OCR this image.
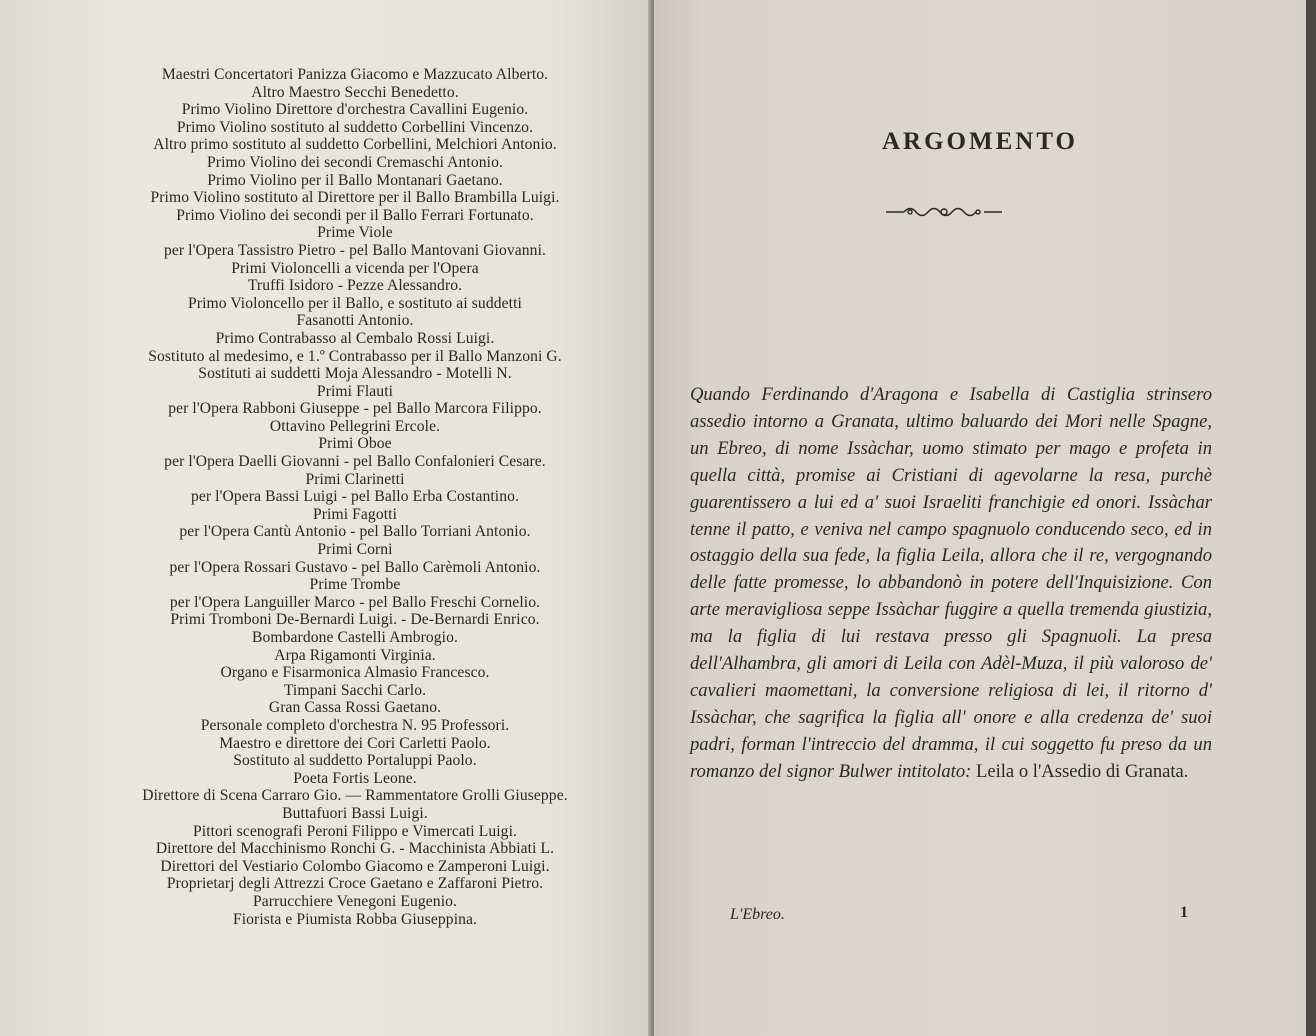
Maestri Concertatori Panizza Giacomo e Mazzucato Alberto.
Altro Maestro Secchi Benedetto.
Primo Violino Direttore d'orchestra Cavallini Eugenio.
Primo Violino sostituto al suddetto Corbellini Vincenzo.
Altro primo sostituto al suddetto Corbellini, Melchiori Antonio.
Primo Violino dei secondi Cremaschi Antonio.
Primo Violino per il Ballo Montanari Gaetano.
Primo Violino sostituto al Direttore per il Ballo Brambilla Luigi.
Primo Violino dei secondi per il Ballo Ferrari Fortunato.
Prime Viole
per l'Opera Tassistro Pietro - pel Ballo Mantovani Giovanni.
Primi Violoncelli a vicenda per l'Opera
Truffi Isidoro - Pezze Alessandro.
Primo Violoncello per il Ballo, e sostituto ai suddetti
Fasanotti Antonio.
Primo Contrabasso al Cembalo Rossi Luigi.
Sostituto al medesimo, e 1.º Contrabasso per il Ballo Manzoni G.
Sostituti ai suddetti Moja Alessandro - Motelli N.
Primi Flauti
per l'Opera Rabboni Giuseppe - pel Ballo Marcora Filippo.
Ottavino Pellegrini Ercole.
Primi Oboe
per l'Opera Daelli Giovanni - pel Ballo Confalonieri Cesare.
Primi Clarinetti
per l'Opera Bassi Luigi - pel Ballo Erba Costantino.
Primi Fagotti
per l'Opera Cantù Antonio - pel Ballo Torriani Antonio.
Primi Corni
per l'Opera Rossari Gustavo - pel Ballo Carèmoli Antonio.
Prime Trombe
per l'Opera Languiller Marco - pel Ballo Freschi Cornelio.
Primi Tromboni De-Bernardi Luigi. - De-Bernardi Enrico.
Bombardone Castelli Ambrogio.
Arpa Rigamonti Virginia.
Organo e Fisarmonica Almasio Francesco.
Timpani Sacchi Carlo.
Gran Cassa Rossi Gaetano.
Personale completo d'orchestra N. 95 Professori.
Maestro e direttore dei Cori Carletti Paolo.
Sostituto al suddetto Portaluppi Paolo.
Poeta Fortis Leone.
Direttore di Scena Carraro Gio. — Rammentatore Grolli Giuseppe.
Buttafuori Bassi Luigi.
Pittori scenografi Peroni Filippo e Vimercati Luigi.
Direttore del Macchinismo Ronchi G. - Macchinista Abbiati L.
Direttori del Vestiario Colombo Giacomo e Zamperoni Luigi.
Proprietarj degli Attrezzi Croce Gaetano e Zaffaroni Pietro.
Parrucchiere Venegoni Eugenio.
Fiorista e Piumista Robba Giuseppina.
ARGOMENTO
Quando Ferdinando d'Aragona e Isabella di Castiglia strinsero assedio intorno a Granata, ultimo baluardo dei Mori nelle Spagne, un Ebreo, di nome Issàchar, uomo stimato per mago e profeta in quella città, promise ai Cristiani di agevolarne la resa, purchè guarentissero a lui ed a' suoi Israeliti franchigie ed onori. Issàchar tenne il patto, e veniva nel campo spagnuolo conducendo seco, ed in ostaggio della sua fede, la figlia Leila, allora che il re, vergognando delle fatte promesse, lo abbandonò in potere dell'Inquisizione. Con arte meravigliosa seppe Issàchar fuggire a quella tremenda giustizia, ma la figlia di lui restava presso gli Spagnuoli. La presa dell'Alhambra, gli amori di Leila con Adèl-Muza, il più valoroso de' cavalieri maomettani, la conversione religiosa di lei, il ritorno d' Issàchar, che sagrifica la figlia all' onore e alla credenza de' suoi padri, forman l'intreccio del dramma, il cui soggetto fu preso da un romanzo del signor Bulwer intitolato: Leila o l'Assedio di Granata.
L'Ebreo.	1
